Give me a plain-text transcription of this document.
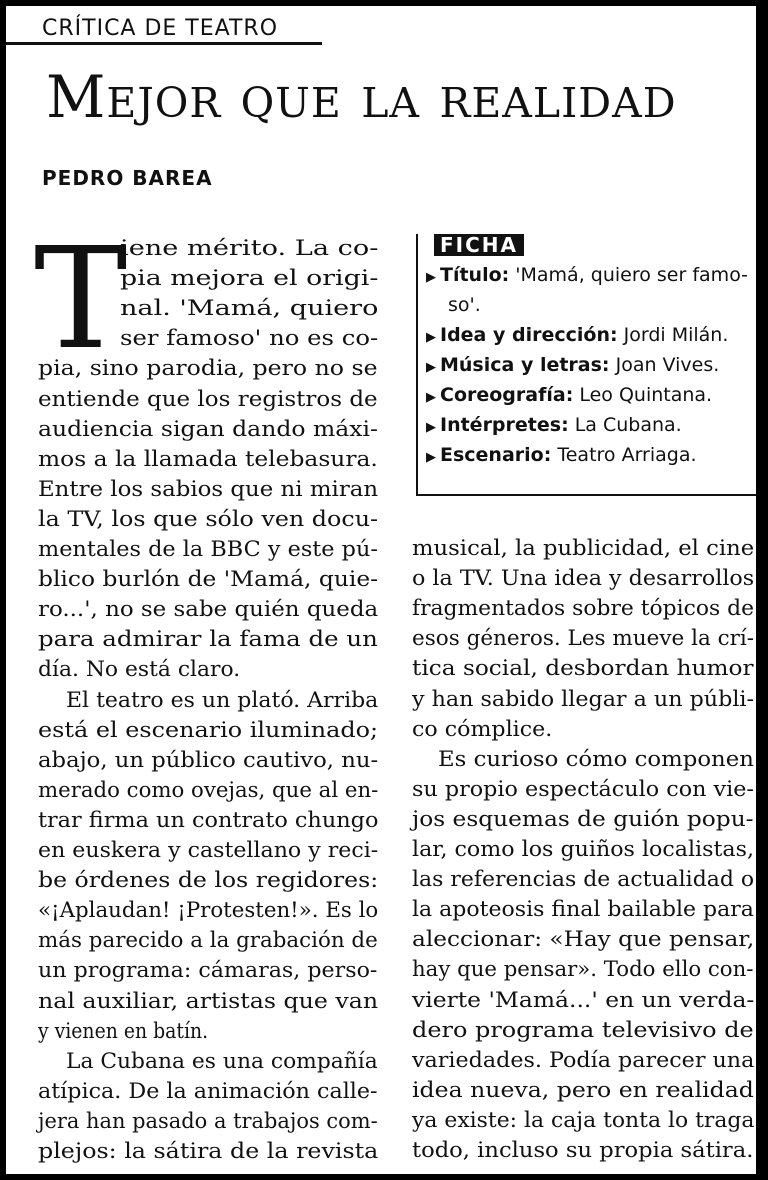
CRÍTICA DE TEATRO
Mejor que la realidad
PEDRO BAREA
T
iene mérito. La co-
pia mejora el origi-
nal. 'Mamá, quiero
ser famoso' no es co-
pia, sino parodia, pero no se
entiende que los registros de
audiencia sigan dando máxi-
mos a la llamada telebasura.
Entre los sabios que ni miran
la TV, los que sólo ven docu-
mentales de la BBC y este pú-
blico burlón de 'Mamá, quie-
ro...', no se sabe quién queda
para admirar la fama de un
día. No está claro.
El teatro es un plató. Arriba
está el escenario iluminado;
abajo, un público cautivo, nu-
merado como ovejas, que al en-
trar firma un contrato chungo
en euskera y castellano y reci-
be órdenes de los regidores:
«¡Aplaudan! ¡Protesten!». Es lo
más parecido a la grabación de
un programa: cámaras, perso-
nal auxiliar, artistas que van
y vienen en batín.
La Cubana es una compañía
atípica. De la animación calle-
jera han pasado a trabajos com-
plejos: la sátira de la revista
musical, la publicidad, el cine
o la TV. Una idea y desarrollos
fragmentados sobre tópicos de
esos géneros. Les mueve la crí-
tica social, desbordan humor
y han sabido llegar a un públi-
co cómplice.
Es curioso cómo componen
su propio espectáculo con vie-
jos esquemas de guión popu-
lar, como los guiños localistas,
las referencias de actualidad o
la apoteosis final bailable para
aleccionar: «Hay que pensar,
hay que pensar». Todo ello con-
vierte 'Mamá...' en un verda-
dero programa televisivo de
variedades. Podía parecer una
idea nueva, pero en realidad
ya existe: la caja tonta lo traga
todo, incluso su propia sátira.
FICHA
▶ Título: 'Mamá, quiero ser famo-
so'.
▶ Idea y dirección: Jordi Milán.
▶ Música y letras: Joan Vives.
▶ Coreografía: Leo Quintana.
▶ Intérpretes: La Cubana.
▶ Escenario: Teatro Arriaga.
